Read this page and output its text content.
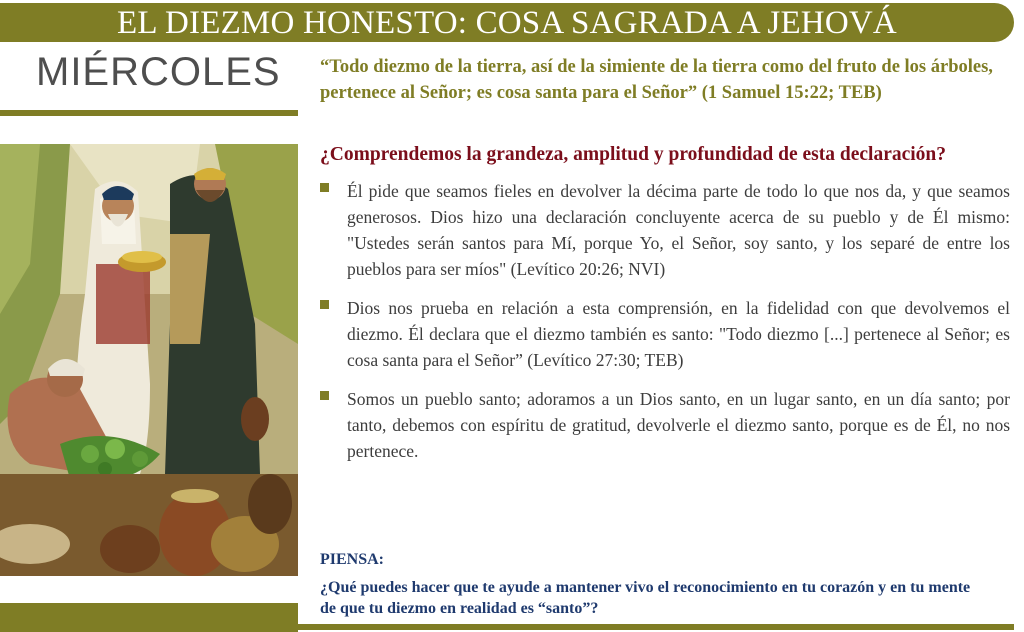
EL DIEZMO HONESTO: COSA SAGRADA A JEHOVÁ
MIÉRCOLES “Todo diezmo de la tierra, así de la simiente de la tierra como del fruto de los árboles, pertenece al Señor; es cosa santa para el Señor” (1 Samuel 15:22; TEB)
¿Comprendemos la grandeza, amplitud y profundidad de esta declaración?
Él pide que seamos fieles en devolver la décima parte de todo lo que nos da, y que seamos generosos. Dios hizo una declaración concluyente acerca de su pueblo y de Él mismo: "Ustedes serán santos para Mí, porque Yo, el Señor, soy santo, y los separé de entre los pueblos para ser míos" (Levítico 20:26; NVI)
Dios nos prueba en relación a esta comprensión, en la fidelidad con que devolvemos el diezmo. Él declara que el diezmo también es santo: "Todo diezmo [...] pertenece al Señor; es cosa santa para el Señor” (Levítico 27:30; TEB)
Somos un pueblo santo; adoramos a un Dios santo, en un lugar santo, en un día santo; por tanto, debemos con espíritu de gratitud, devolverle el diezmo santo, porque es de Él, no nos pertenece.
PIENSA:
¿Qué puedes hacer que te ayude a mantener vivo el reconocimiento en tu corazón y en tu mente
de que tu diezmo en realidad es “santo”?
